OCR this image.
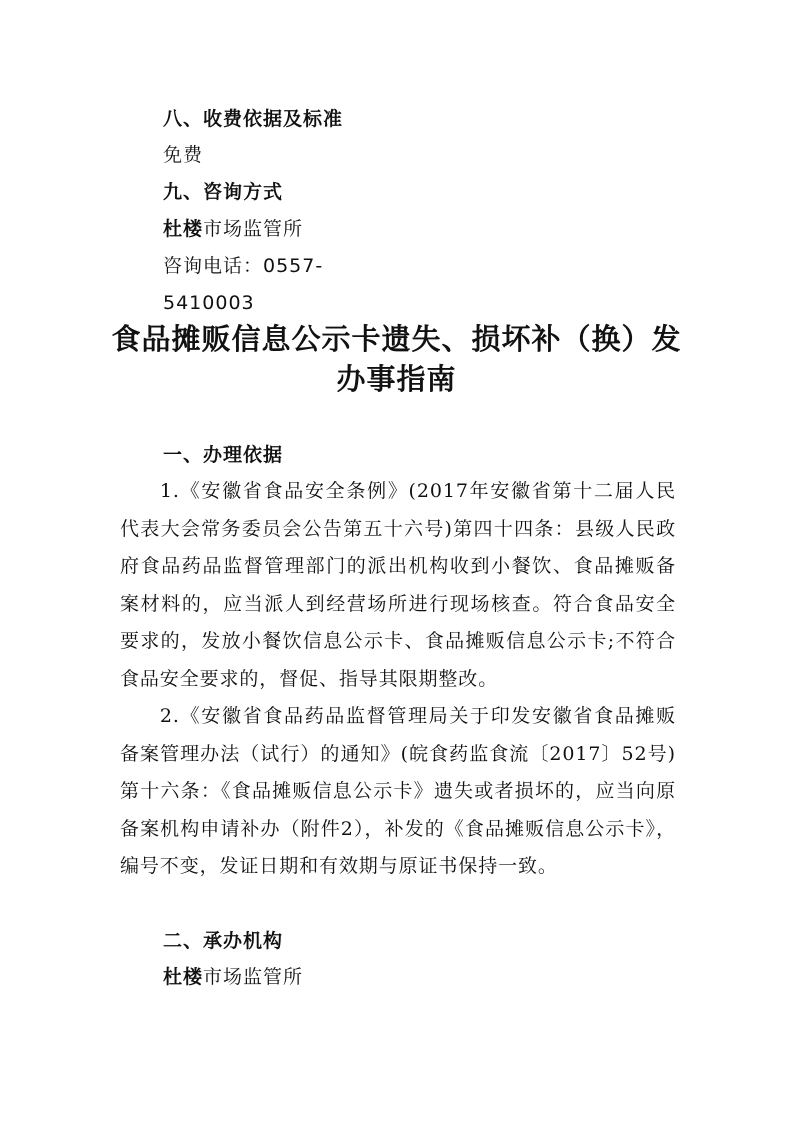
八、收费依据及标准
免费
九、咨询方式
杜楼市场监管所
咨询电话：0557-
5410003
食品摊贩信息公示卡遗失、损坏补（换）发
办事指南
一、办理依据
1.《安徽省食品安全条例》(2017年安徽省第十二届人民代表大会常务委员会公告第五十六号)第四十四条：县级人民政府食品药品监督管理部门的派出机构收到小餐饮、食品摊贩备案材料的，应当派人到经营场所进行现场核查。符合食品安全要求的，发放小餐饮信息公示卡、食品摊贩信息公示卡;不符合食品安全要求的，督促、指导其限期整改。
2.《安徽省食品药品监督管理局关于印发安徽省食品摊贩备案管理办法（试行）的通知》(皖食药监食流〔2017〕52号)第十六条：《食品摊贩信息公示卡》遗失或者损坏的，应当向原备案机构申请补办（附件2），补发的《食品摊贩信息公示卡》，编号不变，发证日期和有效期与原证书保持一致。
二、承办机构
杜楼市场监管所
